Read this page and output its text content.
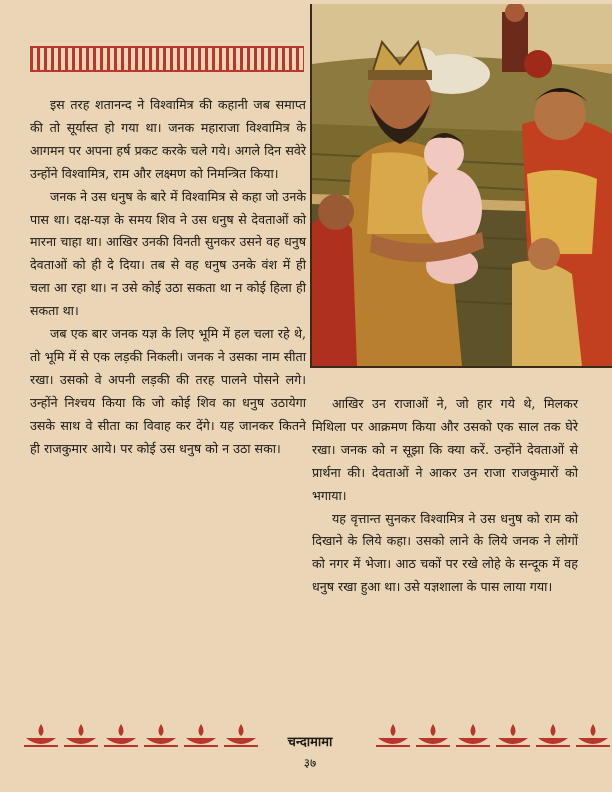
इस तरह शतानन्द ने विश्वामित्र की कहानी जब समाप्त की तो सूर्यास्त हो गया था। जनक महाराजा विश्वामित्र के आगमन पर अपना हर्ष प्रकट करके चले गये। अगले दिन सवेरे उन्होंने विश्वामित्र, राम और लक्ष्मण को निमन्त्रित किया।

जनक ने उस धनुष के बारे में विश्वामित्र से कहा जो उनके पास था। दक्ष-यज्ञ के समय शिव ने उस धनुष से देवताओं को मारना चाहा था। आखिर उनकी विनती सुनकर उसने वह धनुष देवताओं को ही दे दिया। तब से वह धनुष उनके वंश में ही चला आ रहा था। न उसे कोई उठा सकता था न कोई हिला ही सकता था।

जब एक बार जनक यज्ञ के लिए भूमि में हल चला रहे थे, तो भूमि में से एक लड़की निकली। जनक ने उसका नाम सीता रखा। उसको वे अपनी लड़की की तरह पालने पोसने लगे। उन्होंने निश्चय किया कि जो कोई शिव का धनुष उठायेगा उसके साथ वे सीता का विवाह कर देंगे। यह जानकर कितने ही राजकुमार आये। पर कोई उस धनुष को न उठा सका।

आखिर उन राजाओं ने, जो हार गये थे, मिलकर मिथिला पर आक्रमण किया और उसको एक साल तक घेरे रखा। जनक को न सूझा कि क्या करें. उन्होंने देवताओं से प्रार्थना की। देवताओं ने आकर उन राजा राजकुमारों को भगाया।

यह वृत्तान्त सुनकर विश्वामित्र ने उस धनुष को राम को दिखाने के लिये कहा। उसको लाने के लिये जनक ने लोगों को नगर में भेजा। आठ चकों पर रखे लोहे के सन्दूक में वह धनुष रखा हुआ था। उसे यज्ञशाला के पास लाया गया।

चन्दामामा
३७
